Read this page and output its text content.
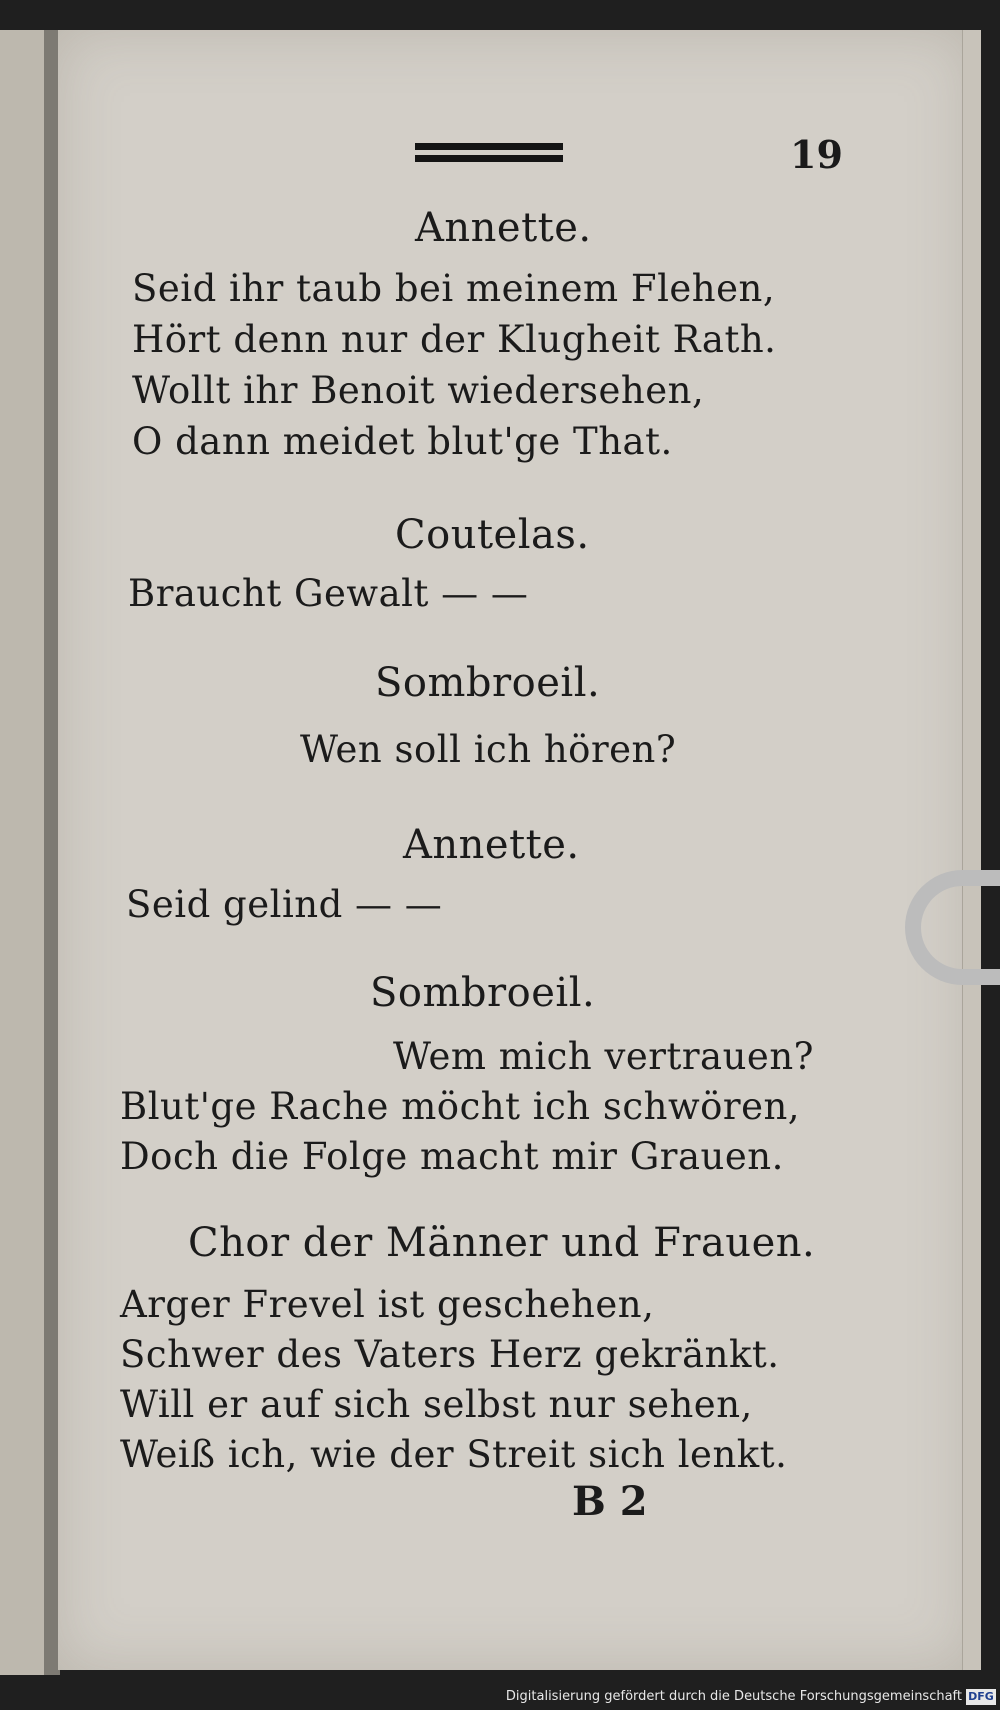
19
Annette.
Seid ihr taub bei meinem Flehen,
Hört denn nur der Klugheit Rath.
Wollt ihr Benoit wiedersehen,
O dann meidet blut'ge That.
Coutelas.
Braucht Gewalt — —
Sombroeil.
Wen soll ich hören?
Annette.
Seid gelind — —
Sombroeil.
Wem mich vertrauen?
Blut'ge Rache möcht ich schwören,
Doch die Folge macht mir Grauen.
Chor der Männer und Frauen.
Arger Frevel ist geschehen,
Schwer des Vaters Herz gekränkt.
Will er auf sich selbst nur sehen,
Weiß ich, wie der Streit sich lenkt.
B 2
Digitalisierung gefördert durch die Deutsche Forschungsgemeinschaft DFG
